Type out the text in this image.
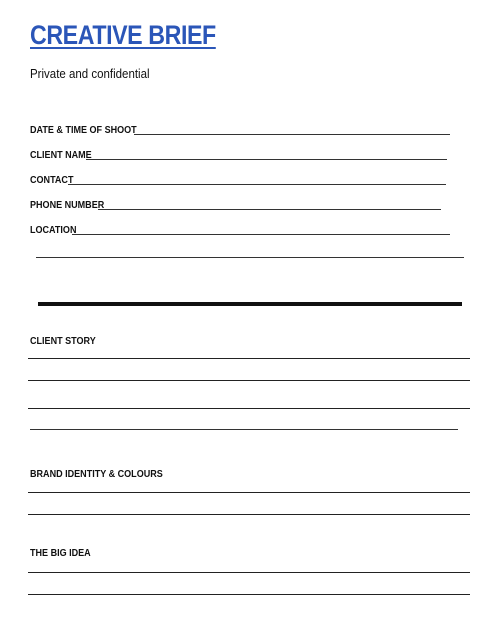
CREATIVE BRIEF
Private and confidential
DATE & TIME OF SHOOT
CLIENT NAME
CONTACT
PHONE NUMBER
LOCATION
CLIENT STORY
BRAND IDENTITY & COLOURS
THE BIG IDEA
